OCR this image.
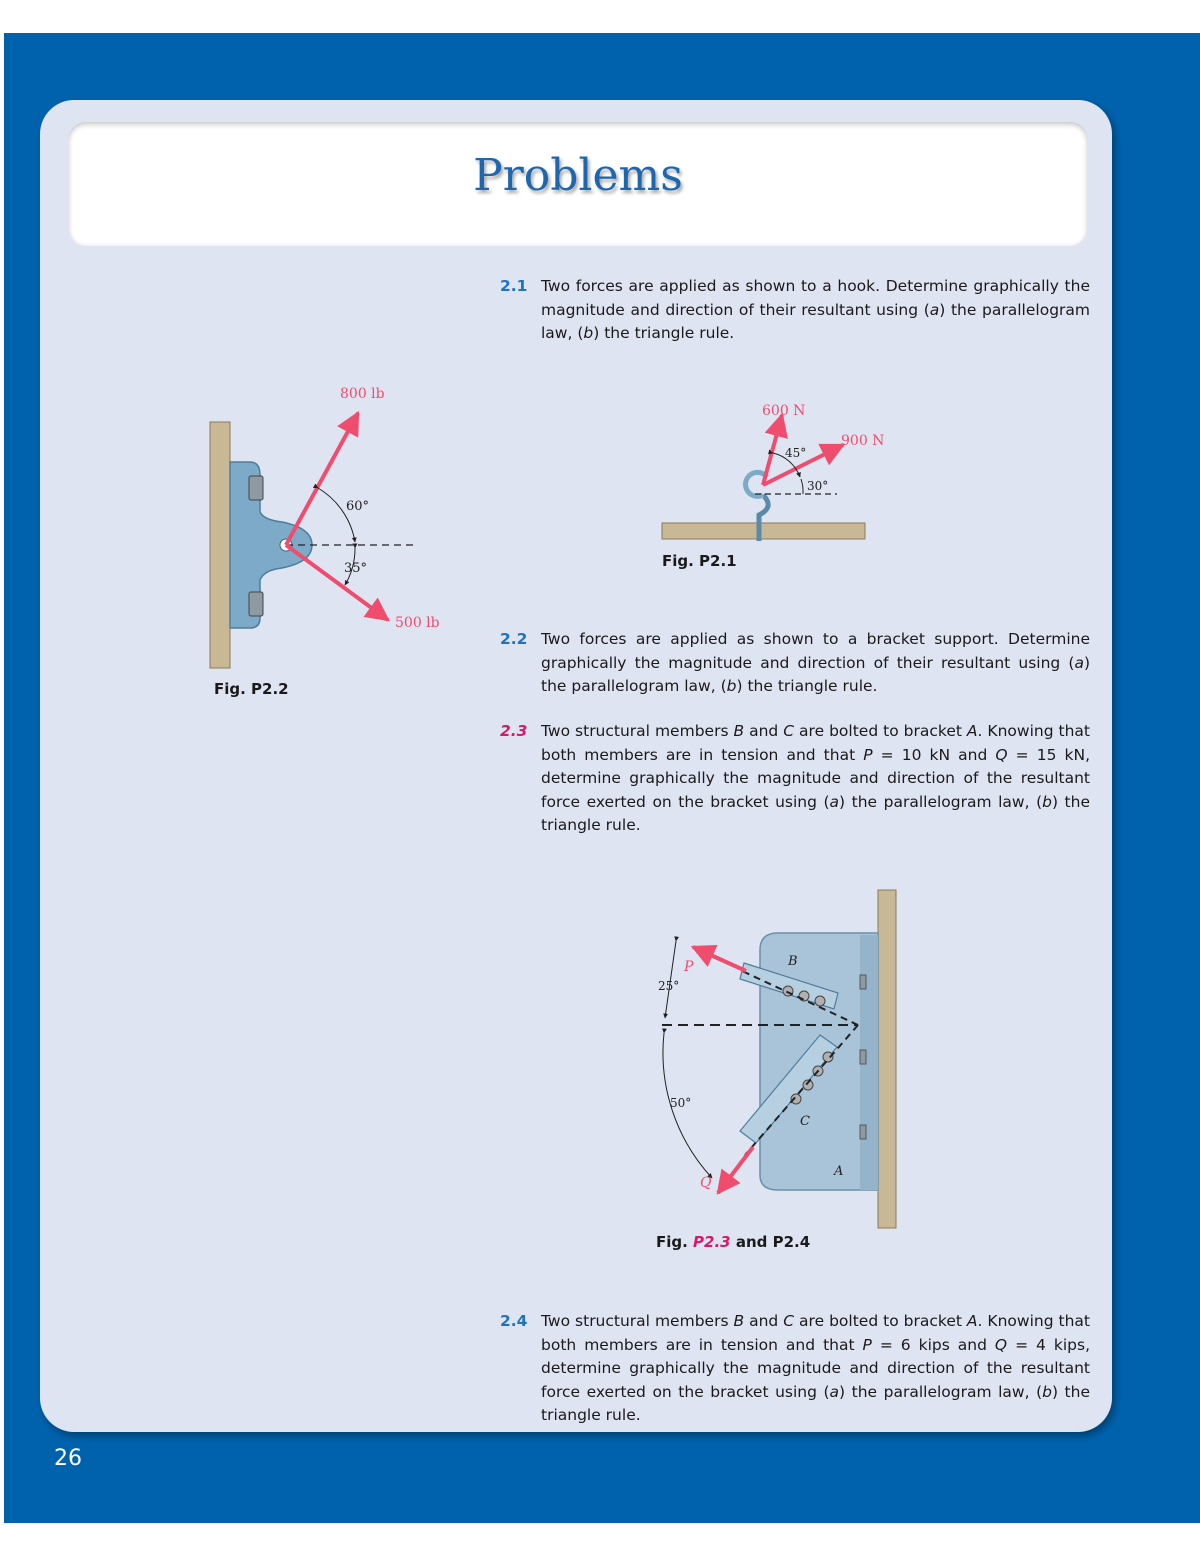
Problems
2.1 Two forces are applied as shown to a hook. Determine graphically the magnitude and direction of their resultant using (a) the parallelogram law, (b) the triangle rule.
2.2 Two forces are applied as shown to a bracket support. Determine graphically the magnitude and direction of their resultant using (a) the parallelogram law, (b) the triangle rule.
2.3 Two structural members B and C are bolted to bracket A. Knowing that both members are in tension and that P = 10 kN and Q = 15 kN, determine graphically the magnitude and direction of the resultant force exerted on the bracket using (a) the parallelogram law, (b) the triangle rule.
2.4 Two structural members B and C are bolted to bracket A. Knowing that both members are in tension and that P = 6 kips and Q = 4 kips, determine graphically the magnitude and direction of the resultant force exerted on the bracket using (a) the parallelogram law, (b) the triangle rule.
800 lb
500 lb
60°
35°
Fig. P2.2
600 N
900 N
45°
30°
Fig. P2.1
P
Q
B
C
A
25°
50°
Fig. P2.3 and P2.4
26
